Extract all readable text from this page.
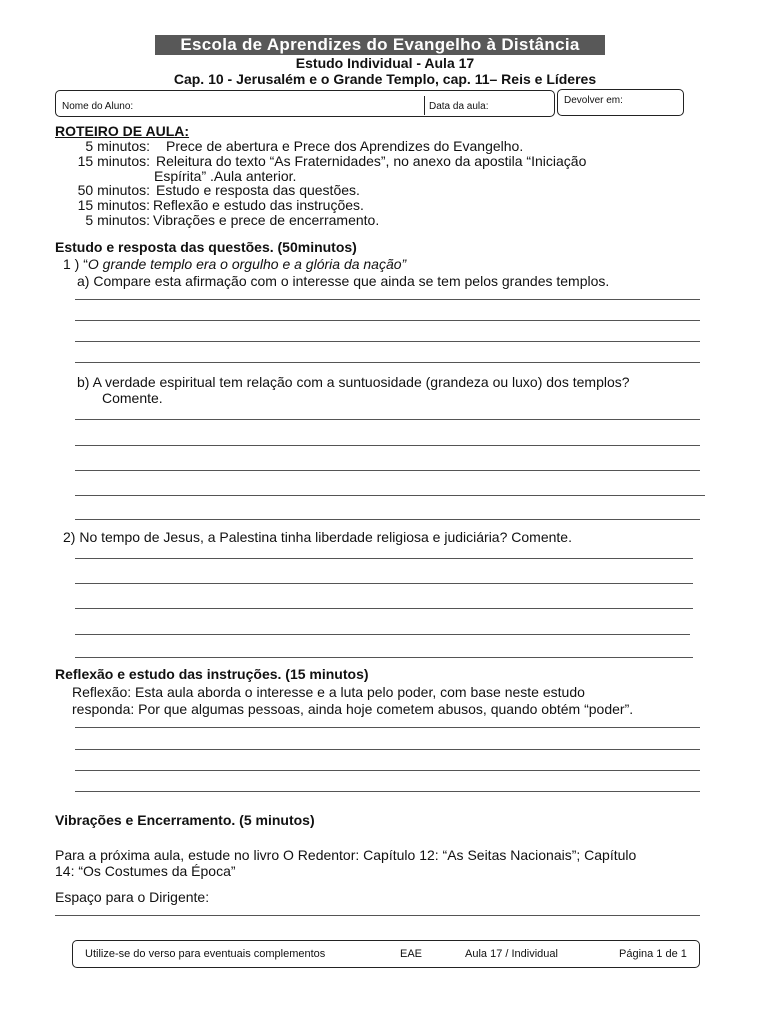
Escola de Aprendizes do Evangelho à Distância
Estudo Individual - Aula 17
Cap. 10 - Jerusalém e o Grande Templo, cap. 11– Reis e Líderes
Nome do Aluno:	Data da aula:
Devolver em:
ROTEIRO DE AULA:
5 minutos: Prece de abertura e Prece dos Aprendizes do Evangelho.
15 minutos: Releitura do texto “As Fraternidades”, no anexo da apostila “Iniciação
Espírita” .Aula anterior.
50 minutos: Estudo e resposta das questões.
15 minutos: Reflexão e estudo das instruções.
5 minutos: Vibrações e prece de encerramento.
Estudo e resposta das questões. (50minutos)
1 ) “O grande templo era o orgulho e a glória da nação”
a) Compare esta afirmação com o interesse que ainda se tem pelos grandes templos.
b) A verdade espiritual tem relação com a suntuosidade (grandeza ou luxo) dos templos?
Comente.
2) No tempo de Jesus, a Palestina tinha liberdade religiosa e judiciária? Comente.
Reflexão e estudo das instruções. (15 minutos)
Reflexão: Esta aula aborda o interesse e a luta pelo poder, com base neste estudo
responda: Por que algumas pessoas, ainda hoje cometem abusos, quando obtém “poder”.
Vibrações e Encerramento. (5 minutos)
Para a próxima aula, estude no livro O Redentor: Capítulo 12: “As Seitas Nacionais”; Capítulo
14: “Os Costumes da Época”
Espaço para o Dirigente:
Utilize-se do verso para eventuais complementos	EAE	Aula 17 / Individual	Página 1 de 1
